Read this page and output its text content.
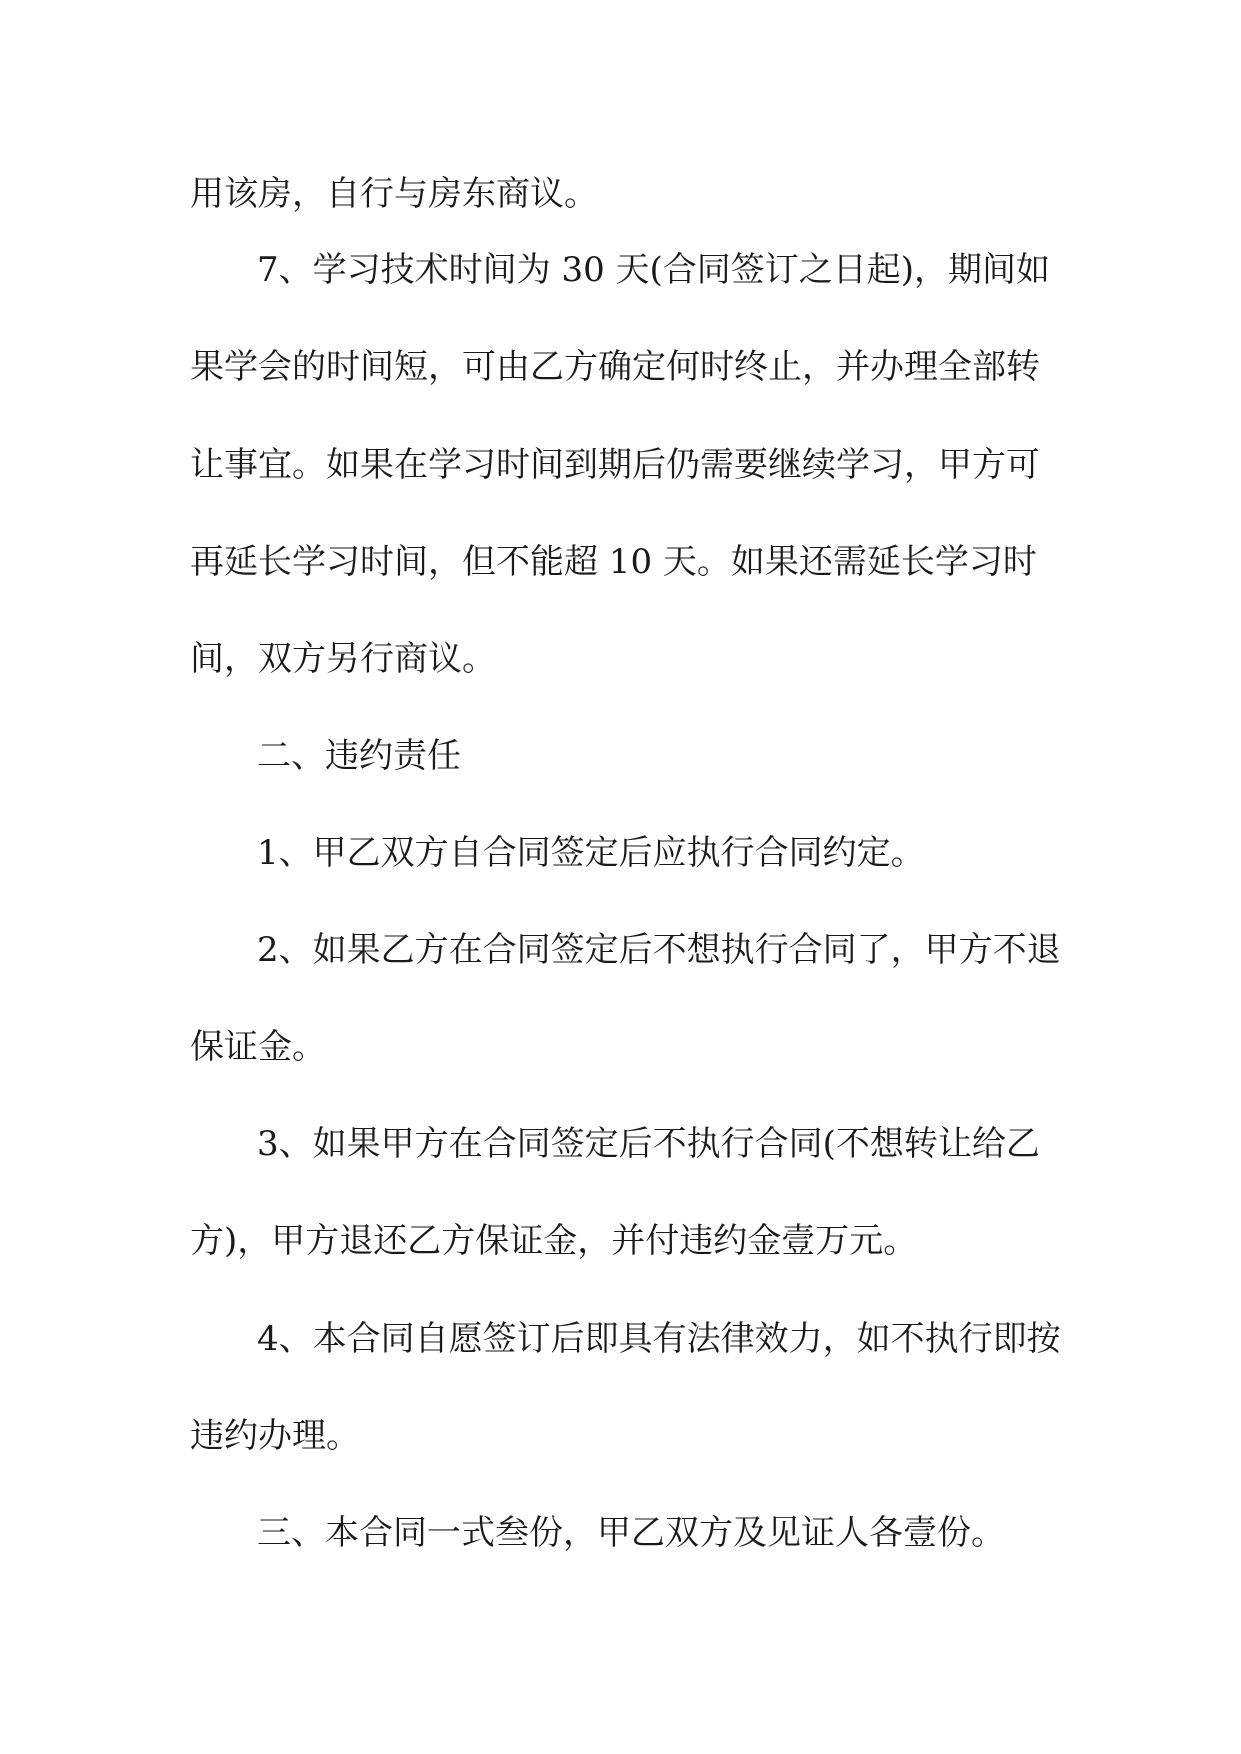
用该房，自行与房东商议。
7、学习技术时间为 30 天(合同签订之日起)，期间如
果学会的时间短，可由乙方确定何时终止，并办理全部转
让事宜。如果在学习时间到期后仍需要继续学习，甲方可
再延长学习时间，但不能超 10 天。如果还需延长学习时
间，双方另行商议。
二、违约责任
1、甲乙双方自合同签定后应执行合同约定。
2、如果乙方在合同签定后不想执行合同了，甲方不退
保证金。
3、如果甲方在合同签定后不执行合同(不想转让给乙
方)，甲方退还乙方保证金，并付违约金壹万元。
4、本合同自愿签订后即具有法律效力，如不执行即按
违约办理。
三、本合同一式叁份，甲乙双方及见证人各壹份。
